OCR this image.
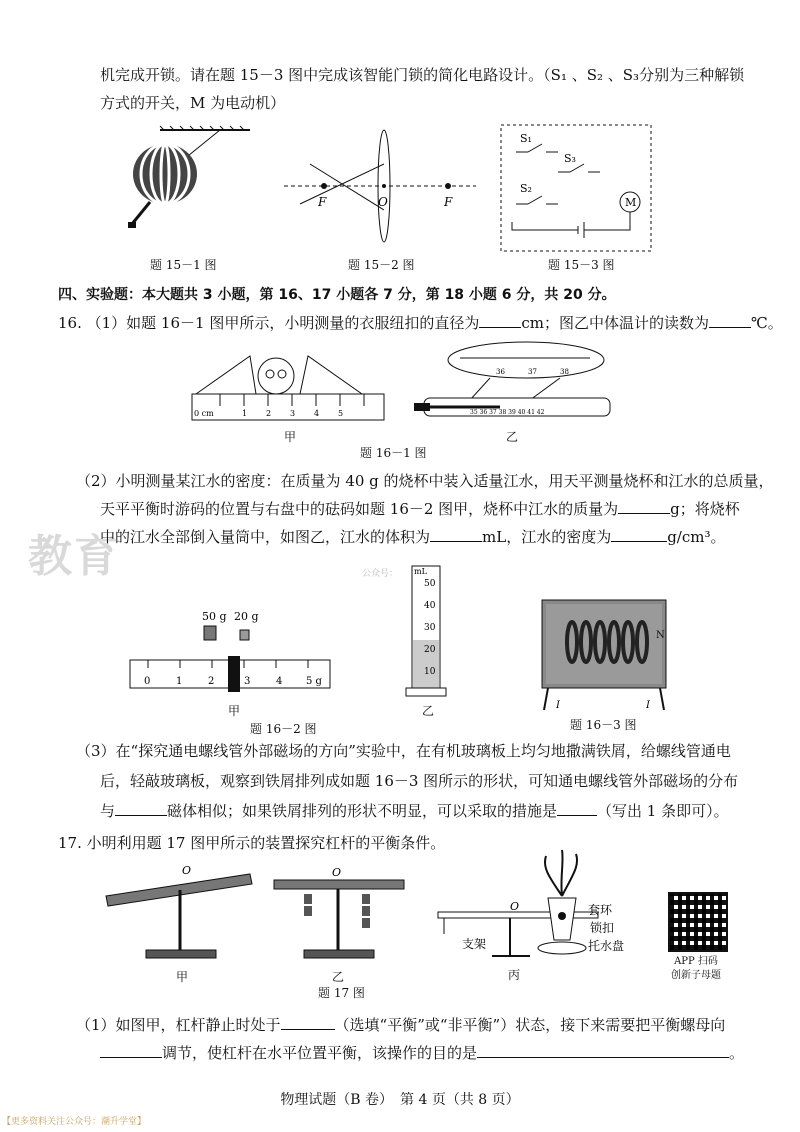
教育	公众号：
机完成开锁。请在题 15－3 图中完成该智能门锁的简化电路设计。（S₁ 、S₂ 、S₃分别为三种解锁
方式的开关，M 为电动机）
题 15－1 图
F	O	F
题 15－2 图
S₁
S₃
S₂
M
题 15－3 图
四、实验题：本大题共 3 小题，第 16、17 小题各 7 分，第 18 小题 6 分，共 20 分。
16. （1）如题 16－1 图甲所示，小明测量的衣服纽扣的直径为	cm；图乙中体温计的读数为	℃。
0 cm	1 2 3 4 5
甲
36	37	38
35 36 37 38 39 40 41 42
乙
题 16－1 图
（2）小明测量某江水的密度：在质量为 40 g 的烧杯中装入适量江水，用天平测量烧杯和江水的总质量，
天平平衡时游码的位置与右盘中的砝码如题 16－2 图甲，烧杯中江水的质量为	g；将烧杯
中的江水全部倒入量筒中，如图乙，江水的体积为	mL，江水的密度为	g/cm³。
50 g 20 g
0	1	2	3	4 5 g
甲
mL
50
40
30
20
10
乙
题 16－2 图
N
I	I
题 16－3 图
（3）在“探究通电螺线管外部磁场的方向”实验中，在有机玻璃板上均匀地撒满铁屑，给螺线管通电
后，轻敲玻璃板，观察到铁屑排列成如题 16－3 图所示的形状，可知通电螺线管外部磁场的分布
与	磁体相似；如果铁屑排列的形状不明显，可以采取的措施是	（写出 1 条即可）。
17. 小明利用题 17 图甲所示的装置探究杠杆的平衡条件。
O
甲
O
乙
O
支架
套环
锁扣
托水盘
丙
题 17 图
APP 扫码
创新子母题
（1）如图甲，杠杆静止时处于	（选填“平衡”或“非平衡”）状态，接下来需要把平衡螺母向
调节，使杠杆在水平位置平衡，该操作的目的是	。
物理试题（B 卷）　第 4 页（共 8 页）
【更多资料关注公众号：潮升学堂】
